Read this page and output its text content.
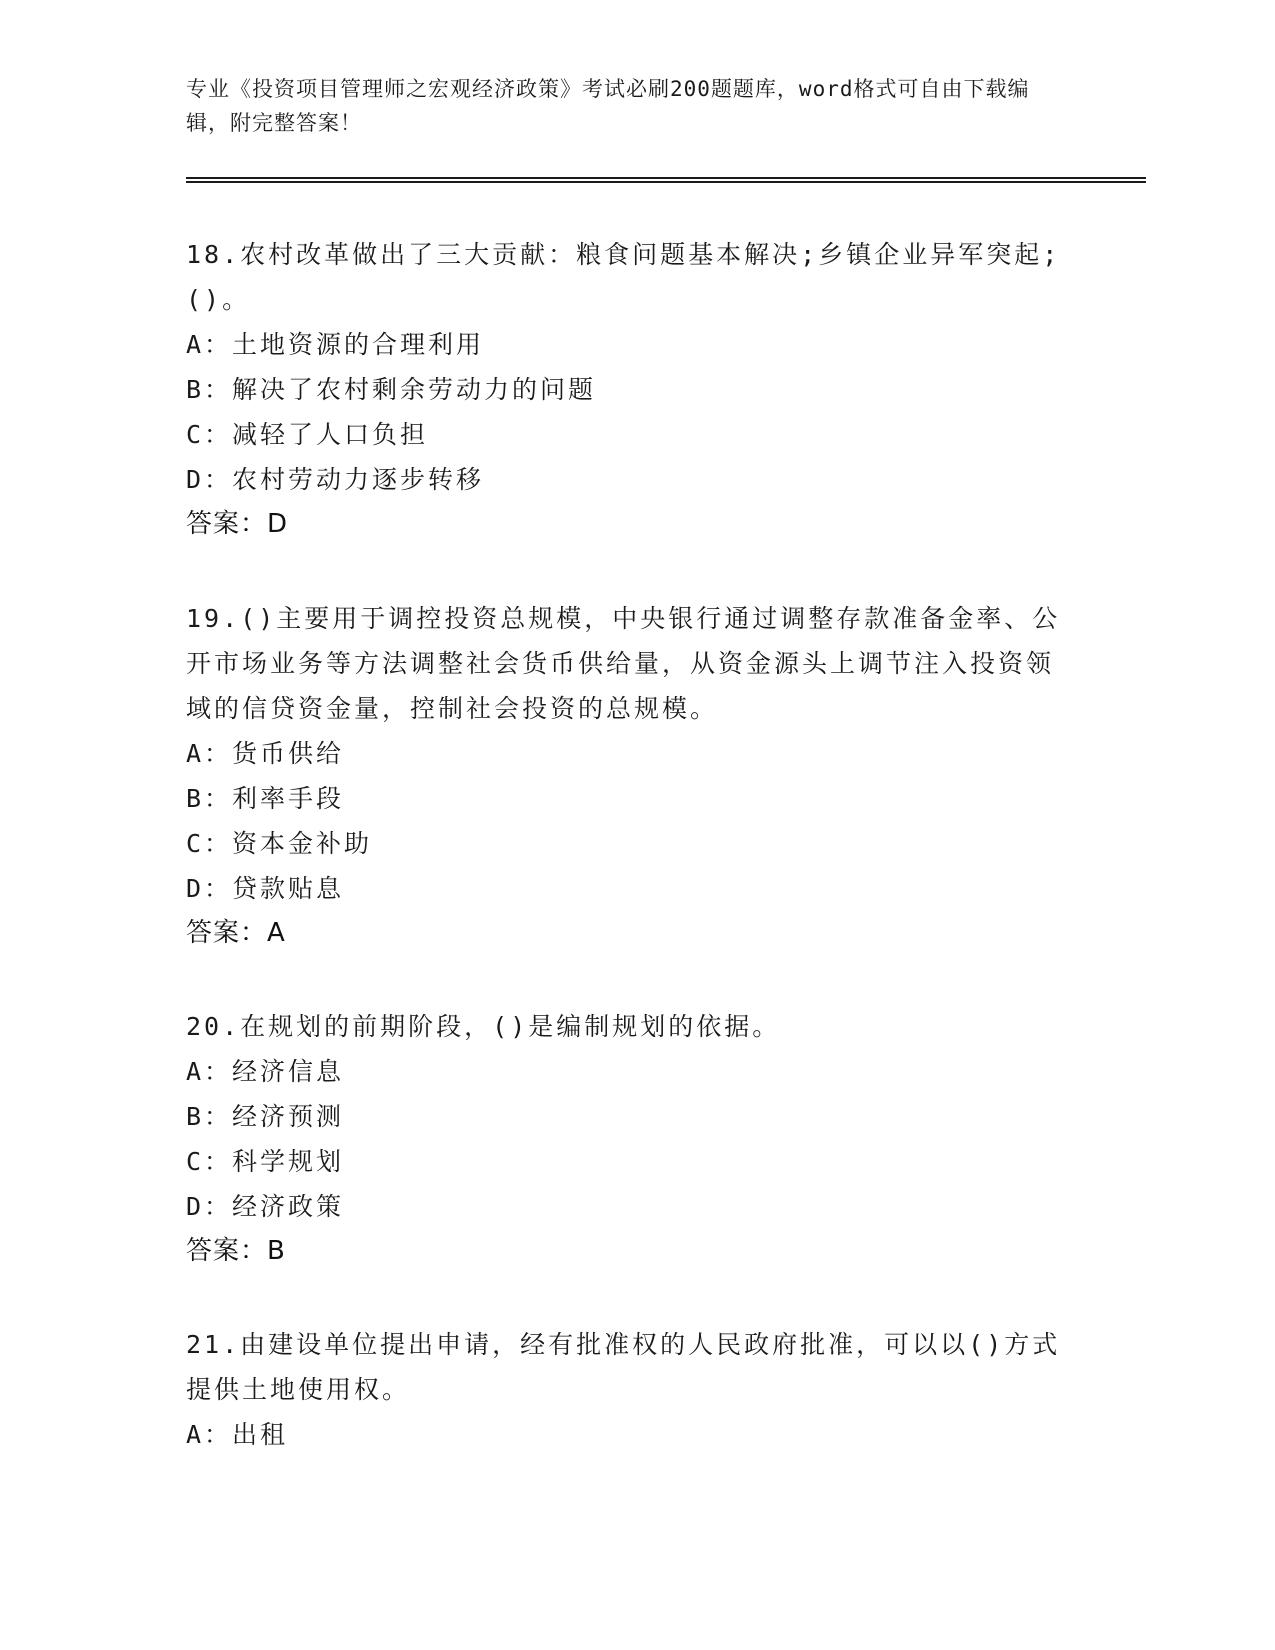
专业《投资项目管理师之宏观经济政策》考试必刷200题题库，word格式可自由下载编辑，附完整答案！

18.农村改革做出了三大贡献：粮食问题基本解决;乡镇企业异军突起;()。

A：土地资源的合理利用
B：解决了农村剩余劳动力的问题
C：减轻了人口负担
D：农村劳动力逐步转移
答案：D

19.()主要用于调控投资总规模，中央银行通过调整存款准备金率、公开市场业务等方法调整社会货币供给量，从资金源头上调节注入投资领域的信贷资金量，控制社会投资的总规模。

A：货币供给
B：利率手段
C：资本金补助
D：贷款贴息
答案：A

20.在规划的前期阶段，()是编制规划的依据。

A：经济信息
B：经济预测
C：科学规划
D：经济政策
答案：B

21.由建设单位提出申请，经有批准权的人民政府批准，可以以()方式提供土地使用权。

A：出租
